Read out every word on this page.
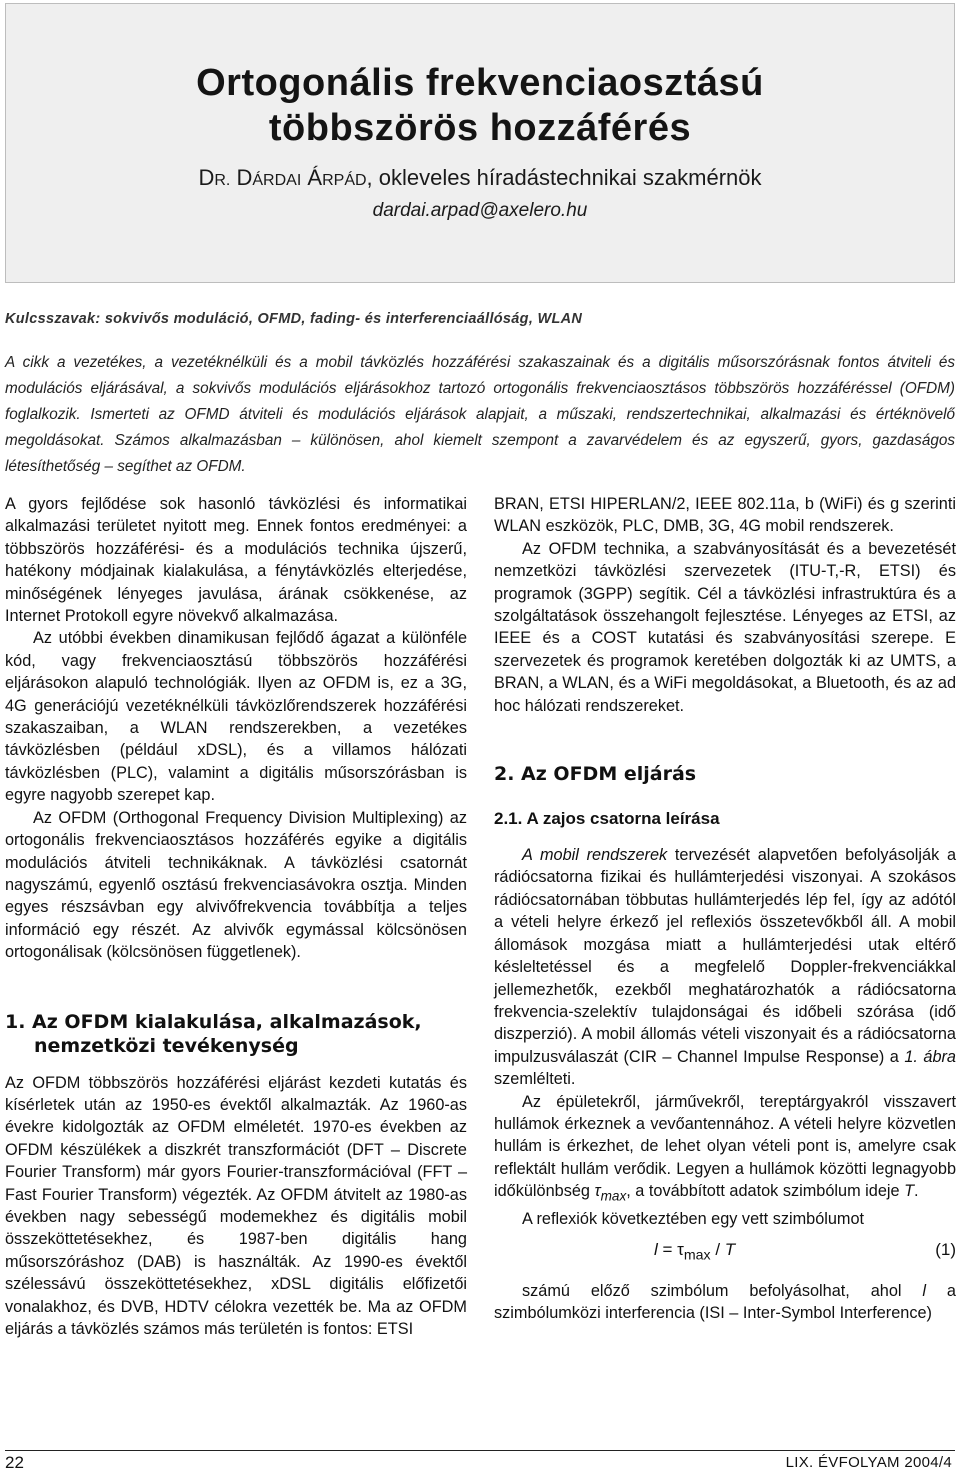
Ortogonális frekvenciaosztású
többszörös hozzáférés
DR. DÁRDAI ÁRPÁD, okleveles híradástechnikai szakmérnök
dardai.arpad@axelero.hu
Kulcsszavak: sokvivős moduláció, OFMD, fading- és interferenciaállóság, WLAN

A cikk a vezetékes, a vezetéknélküli és a mobil távközlés hozzáférési szakaszainak és a digitális műsorszórásnak fontos átviteli és modulációs eljárásával, a sokvivős modulációs eljárásokhoz tartozó ortogonális frekvenciaosztásos többszörös hozzáféréssel (OFDM) foglalkozik. Ismerteti az OFMD átviteli és modulációs eljárások alapjait, a műszaki, rendszertechnikai, alkalmazási és értéknövelő megoldásokat. Számos alkalmazásban – különösen, ahol kiemelt szempont a zavarvédelem és az egyszerű, gyors, gazdaságos létesíthetőség – segíthet az OFDM.

A gyors fejlődése sok hasonló távközlési és informatikai alkalmazási területet nyitott meg. Ennek fontos eredményei: a többszörös hozzáférési- és a modulációs technika újszerű, hatékony módjainak kialakulása, a fénytávközlés elterjedése, minőségének lényeges javulása, árának csökkenése, az Internet Protokoll egyre növekvő alkalmazása.

Az utóbbi években dinamikusan fejlődő ágazat a különféle kód, vagy frekvenciaosztású többszörös hozzáférési eljárásokon alapuló technológiák. Ilyen az OFDM is, ez a 3G, 4G generációjú vezetéknélküli távközlőrendszerek hozzáférési szakaszaiban, a WLAN rendszerekben, a vezetékes távközlésben (például xDSL), és a villamos hálózati távközlésben (PLC), valamint a digitális műsorszórásban is egyre nagyobb szerepet kap.

Az OFDM (Orthogonal Frequency Division Multiplexing) az ortogonális frekvenciaosztásos hozzáférés egyike a digitális modulációs átviteli technikáknak. A távközlési csatornát nagyszámú, egyenlő osztású frekvenciasávokra osztja. Minden egyes részsávban egy alvivőfrekvencia továbbítja a teljes információ egy részét. Az alvivők egymással kölcsönösen ortogonálisak (kölcsönösen függetlenek).

1. Az OFDM kialakulása, alkalmazások,
nemzetközi tevékenység

Az OFDM többszörös hozzáférési eljárást kezdeti kutatás és kísérletek után az 1950-es évektől alkalmazták. Az 1960-as évekre kidolgozták az OFDM elméletét. 1970-es években az OFDM készülékek a diszkrét transzformációt (DFT – Discrete Fourier Transform) már gyors Fourier-transzformációval (FFT – Fast Fourier Transform) végezték. Az OFDM átvitelt az 1980-as években nagy sebességű modemekhez és digitális mobil összeköttetésekhez, és 1987-ben digitális hang műsorszóráshoz (DAB) is használták. Az 1990-es évektől szélessávú összeköttetésekhez, xDSL digitális előfizetői vonalakhoz, és DVB, HDTV célokra vezették be. Ma az OFDM eljárás a távközlés számos más területén is fontos: ETSI

BRAN, ETSI HIPERLAN/2, IEEE 802.11a, b (WiFi) és g szerinti WLAN eszközök, PLC, DMB, 3G, 4G mobil rendszerek.

Az OFDM technika, a szabványosítását és a bevezetését nemzetközi távközlési szervezetek (ITU-T,-R, ETSI) és programok (3GPP) segítik. Cél a távközlési infrastruktúra és a szolgáltatások összehangolt fejlesztése. Lényeges az ETSI, az IEEE és a COST kutatási és szabványosítási szerepe. E szervezetek és programok keretében dolgozták ki az UMTS, a BRAN, a WLAN, és a WiFi megoldásokat, a Bluetooth, és az ad hoc hálózati rendszereket.

2. Az OFDM eljárás
2.1. A zajos csatorna leírása

A mobil rendszerek tervezését alapvetően befolyásolják a rádiócsatorna fizikai és hullámterjedési viszonyai. A szokásos rádiócsatornában többutas hullámterjedés lép fel, így az adótól a vételi helyre érkező jel reflexiós összetevőkből áll. A mobil állomások mozgása miatt a hullámterjedési utak eltérő késleltetéssel és a megfelelő Doppler-frekvenciákkal jellemezhetők, ezekből meghatározhatók a rádiócsatorna frekvencia-szelektív tulajdonságai és időbeli szórása (idő diszperzió). A mobil állomás vételi viszonyait és a rádiócsatorna impulzusválaszát (CIR – Channel Impulse Response) a 1. ábra szemlélteti.

Az épületekről, járművekről, tereptárgyakról visszavert hullámok érkeznek a vevőantennához. A vételi helyre közvetlen hullám is érkezhet, de lehet olyan vételi pont is, amelyre csak reflektált hullám verődik. Legyen a hullámok közötti legnagyobb időkülönbség $\tau_{max}$, a továbbított adatok szimbólum ideje T.

A reflexiók következtében egy vett szimbólumot

$l = \tau_{max} / T$	(1)

számú előző szimbólum befolyásolhat, ahol l a szimbólumközi interferencia (ISI – Inter-Symbol Interference)

22	LIX. ÉVFOLYAM 2004/4
